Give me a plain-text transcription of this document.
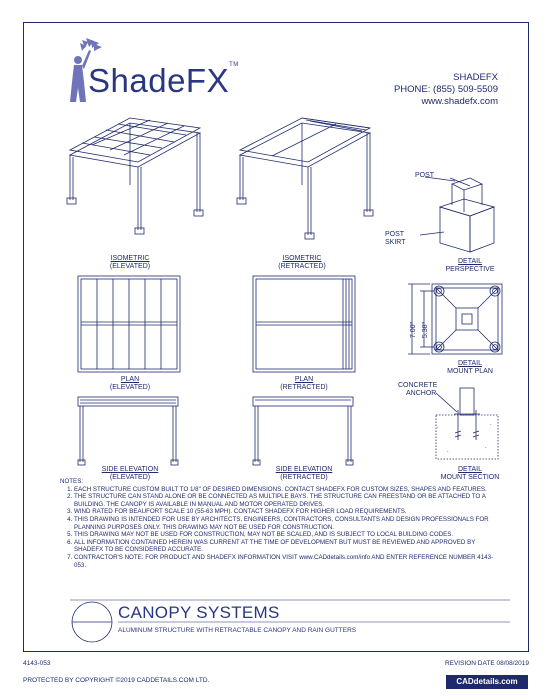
ShadeFX™
SHADEFX
PHONE: (855) 509-5509
www.shadefx.com
.
.
.
.
7.00" 5.38"
ISOMETRIC
(ELEVATED)
ISOMETRIC
(RETRACTED)
PLAN
(ELEVATED)
PLAN
(RETRACTED)
SIDE ELEVATION
(ELEVATED)
SIDE ELEVATION
(RETRACTED)
POST
POST SKIRT
DETAIL
PERSPECTIVE
DETAIL
MOUNT PLAN
CONCRETE
ANCHOR
DETAIL
MOUNT SECTION
NOTES:
1. EACH STRUCTURE CUSTOM BUILT TO 1/8" OF DESIRED DIMENSIONS. CONTACT SHADEFX FOR CUSTOM SIZES, SHAPES AND FEATURES.
2. THE STRUCTURE CAN STAND ALONE OR BE CONNECTED AS MULTIPLE BAYS. THE STRUCTURE CAN FREESTAND OR BE ATTACHED TO A BUILDING. THE CANOPY IS AVAILABLE IN MANUAL AND MOTOR OPERATED DRIVES.
3. WIND RATED FOR BEAUFORT SCALE 10 (55-63 MPH). CONTACT SHADEFX FOR HIGHER LOAD REQUIREMENTS.
4. THIS DRAWING IS INTENDED FOR USE BY ARCHITECTS, ENGINEERS, CONTRACTORS, CONSULTANTS AND DESIGN PROFESSIONALS FOR PLANNING PURPOSES ONLY. THIS DRAWING MAY NOT BE USED FOR CONSTRUCTION.
5. THIS DRAWING MAY NOT BE USED FOR CONSTRUCTION, MAY NOT BE SCALED, AND IS SUBJECT TO LOCAL BUILDING CODES.
6. ALL INFORMATION CONTAINED HEREIN WAS CURRENT AT THE TIME OF DEVELOPMENT BUT MUST BE REVIEWED AND APPROVED BY SHADEFX TO BE CONSIDERED ACCURATE.
7. CONTRACTOR'S NOTE: FOR PRODUCT AND SHADEFX INFORMATION VISIT www.CADdetails.com/info AND ENTER REFERENCE NUMBER 4143-053.
CANOPY SYSTEMS
ALUMINUM STRUCTURE WITH RETRACTABLE CANOPY AND RAIN GUTTERS
4143-053	REVISION DATE 08/08/2019
PROTECTED BY COPYRIGHT ©2019 CADDETAILS.COM LTD.	CADdetails.com
